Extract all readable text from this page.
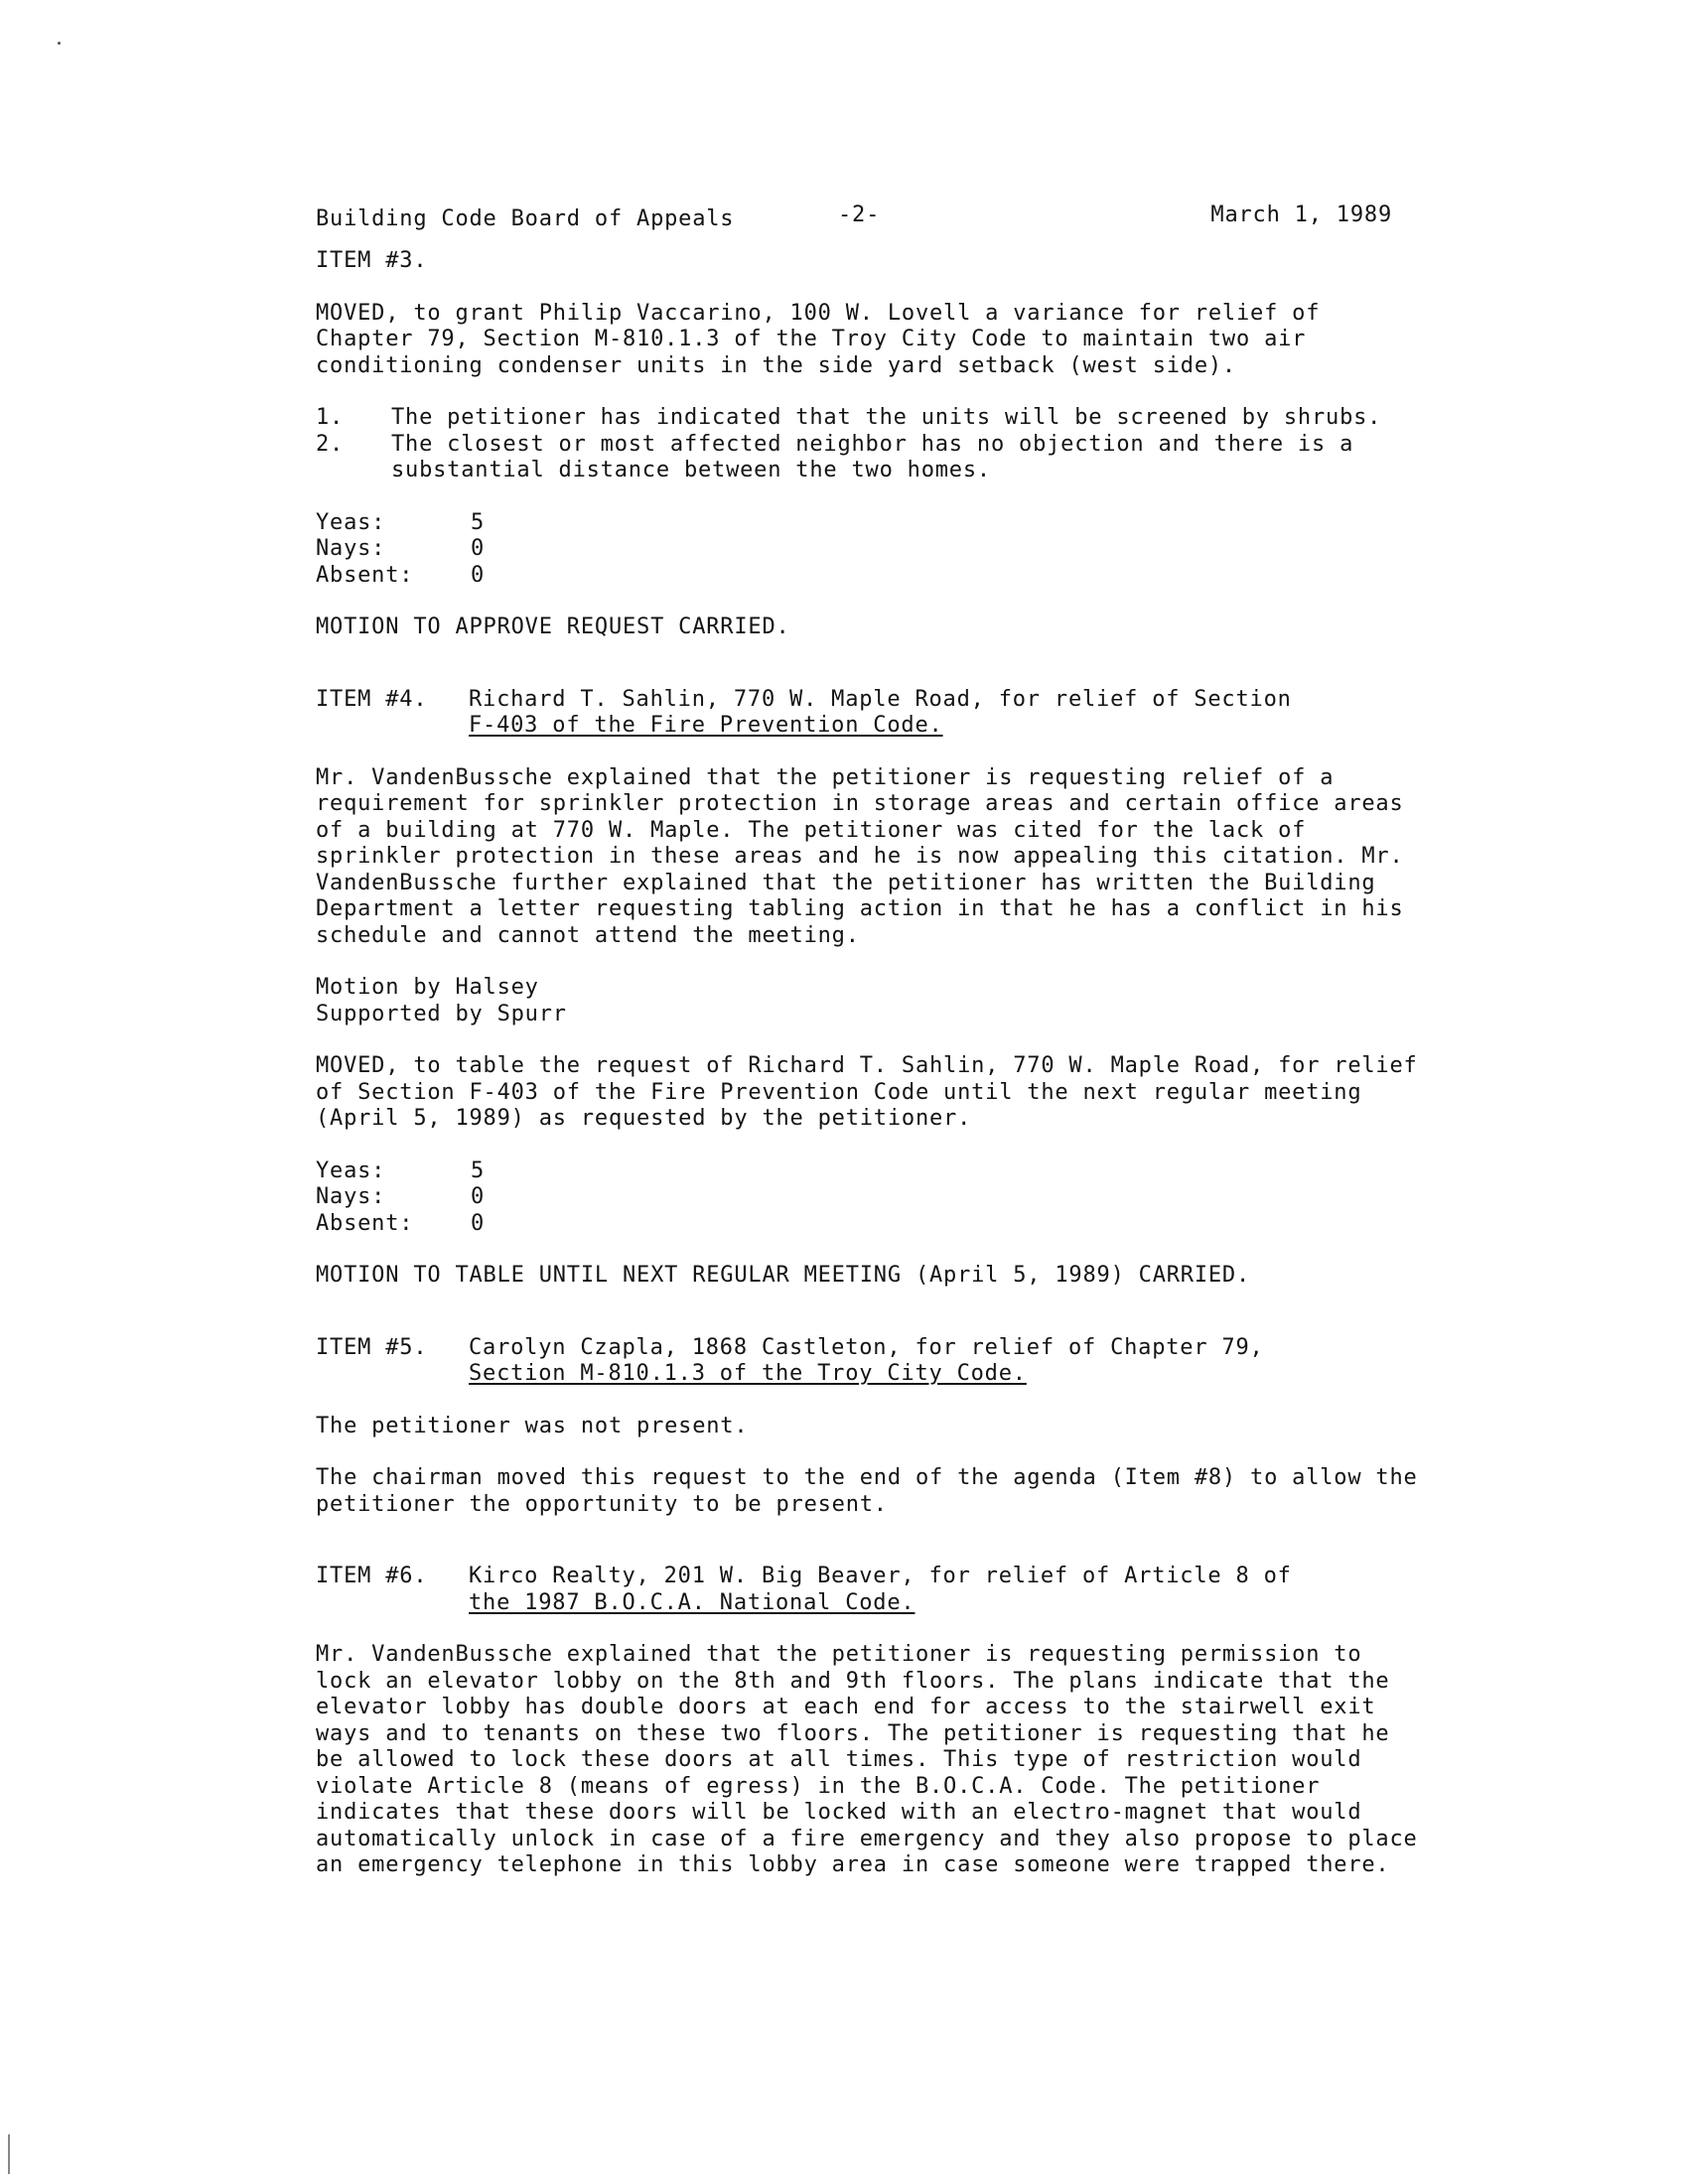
Building Code Board of Appeals	-2-	March 1, 1989
ITEM #3.
MOVED, to grant Philip Vaccarino, 100 W. Lovell a variance for relief of Chapter 79, Section M-810.1.3 of the Troy City Code to maintain two air conditioning condenser units in the side yard setback (west side).
1. The petitioner has indicated that the units will be screened by shrubs.
2. The closest or most affected neighbor has no objection and there is a substantial distance between the two homes.
Yeas:	5
Nays:	0
Absent:	0
MOTION TO APPROVE REQUEST CARRIED.
ITEM #4. Richard T. Sahlin, 770 W. Maple Road, for relief of Section
F-403 of the Fire Prevention Code.
Mr. VandenBussche explained that the petitioner is requesting relief of a requirement for sprinkler protection in storage areas and certain office areas of a building at 770 W. Maple. The petitioner was cited for the lack of sprinkler protection in these areas and he is now appealing this citation. Mr. VandenBussche further explained that the petitioner has written the Building Department a letter requesting tabling action in that he has a conflict in his schedule and cannot attend the meeting.
Motion by Halsey
Supported by Spurr
MOVED, to table the request of Richard T. Sahlin, 770 W. Maple Road, for relief of Section F-403 of the Fire Prevention Code until the next regular meeting (April 5, 1989) as requested by the petitioner.
Yeas:	5
Nays:	0
Absent:	0
MOTION TO TABLE UNTIL NEXT REGULAR MEETING (April 5, 1989) CARRIED.
ITEM #5. Carolyn Czapla, 1868 Castleton, for relief of Chapter 79,
Section M-810.1.3 of the Troy City Code.
The petitioner was not present.
The chairman moved this request to the end of the agenda (Item #8) to allow the petitioner the opportunity to be present.
ITEM #6. Kirco Realty, 201 W. Big Beaver, for relief of Article 8 of
the 1987 B.O.C.A. National Code.
Mr. VandenBussche explained that the petitioner is requesting permission to lock an elevator lobby on the 8th and 9th floors. The plans indicate that the elevator lobby has double doors at each end for access to the stairwell exit ways and to tenants on these two floors. The petitioner is requesting that he be allowed to lock these doors at all times. This type of restriction would violate Article 8 (means of egress) in the B.O.C.A. Code. The petitioner indicates that these doors will be locked with an electro-magnet that would automatically unlock in case of a fire emergency and they also propose to place an emergency telephone in this lobby area in case someone were trapped there.
